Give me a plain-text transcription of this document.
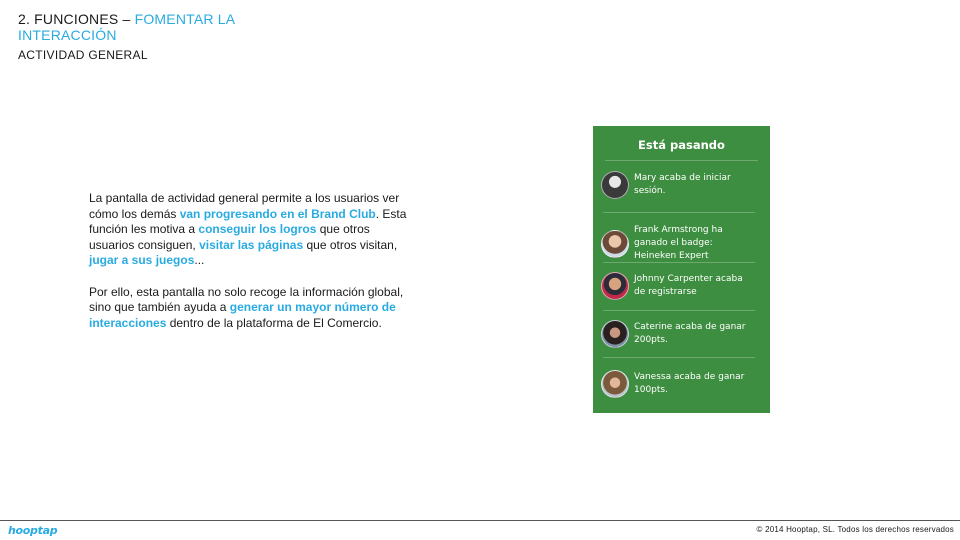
2. FUNCIONES – FOMENTAR LA INTERACCIÓN
ACTIVIDAD GENERAL

La pantalla de actividad general permite a los usuarios ver cómo los demás van progresando en el Brand Club. Esta función les motiva a conseguir los logros que otros usuarios consiguen, visitar las páginas que otros visitan, jugar a sus juegos...

Por ello, esta pantalla no solo recoge la información global, sino que también ayuda a generar un mayor número de interacciones dentro de la plataforma de El Comercio.

Está pasando
Mary acaba de iniciar sesión.
Frank Armstrong ha ganado el badge: Heineken Expert
Johnny Carpenter acaba de registrarse
Caterine acaba de ganar 200pts.
Vanessa acaba de ganar 100pts.
hooptap	© 2014 Hooptap, SL. Todos los derechos reservados
